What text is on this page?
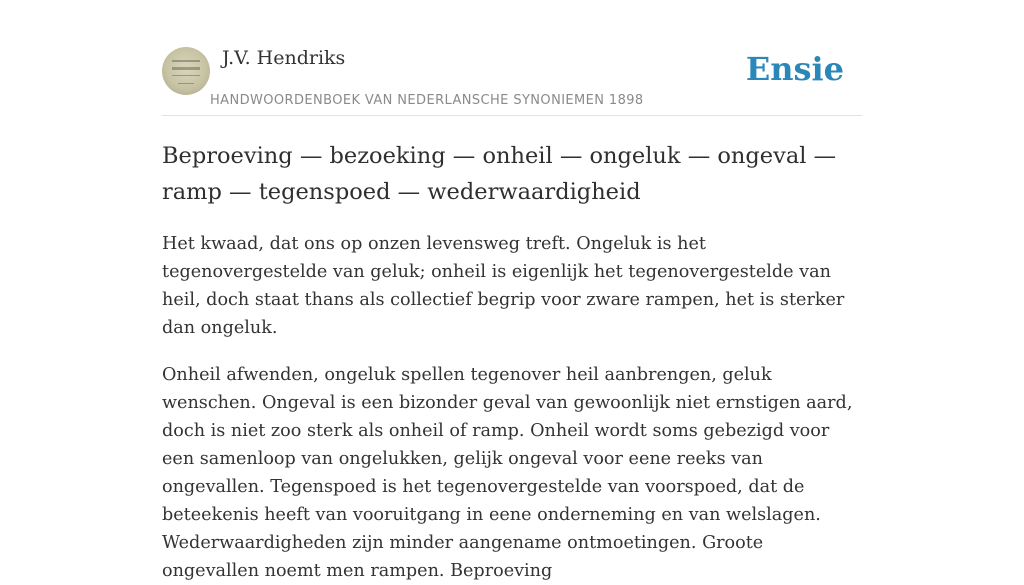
J.V. Hendriks
HANDWOORDENBOEK VAN NEDERLANSCHE SYNONIEMEN 1898
Ensie
Beproeving — bezoeking — onheil — ongeluk — ongeval — ramp — tegenspoed — wederwaardigheid

Het kwaad, dat ons op onzen levensweg treft. Ongeluk is het tegenovergestelde van geluk; onheil is eigenlijk het tegenovergestelde van heil, doch staat thans als collectief begrip voor zware rampen, het is sterker dan ongeluk.

Onheil afwenden, ongeluk spellen tegenover heil aanbrengen, geluk wenschen. Ongeval is een bizonder geval van gewoonlijk niet ernstigen aard, doch is niet zoo sterk als onheil of ramp. Onheil wordt soms gebezigd voor een samenloop van ongelukken, gelijk ongeval voor eene reeks van ongevallen. Tegenspoed is het tegenovergestelde van voorspoed, dat de beteekenis heeft van vooruitgang in eene onderneming en van welslagen. Wederwaardigheden zijn minder aangename ontmoetingen. Groote ongevallen noemt men rampen. Beproeving
